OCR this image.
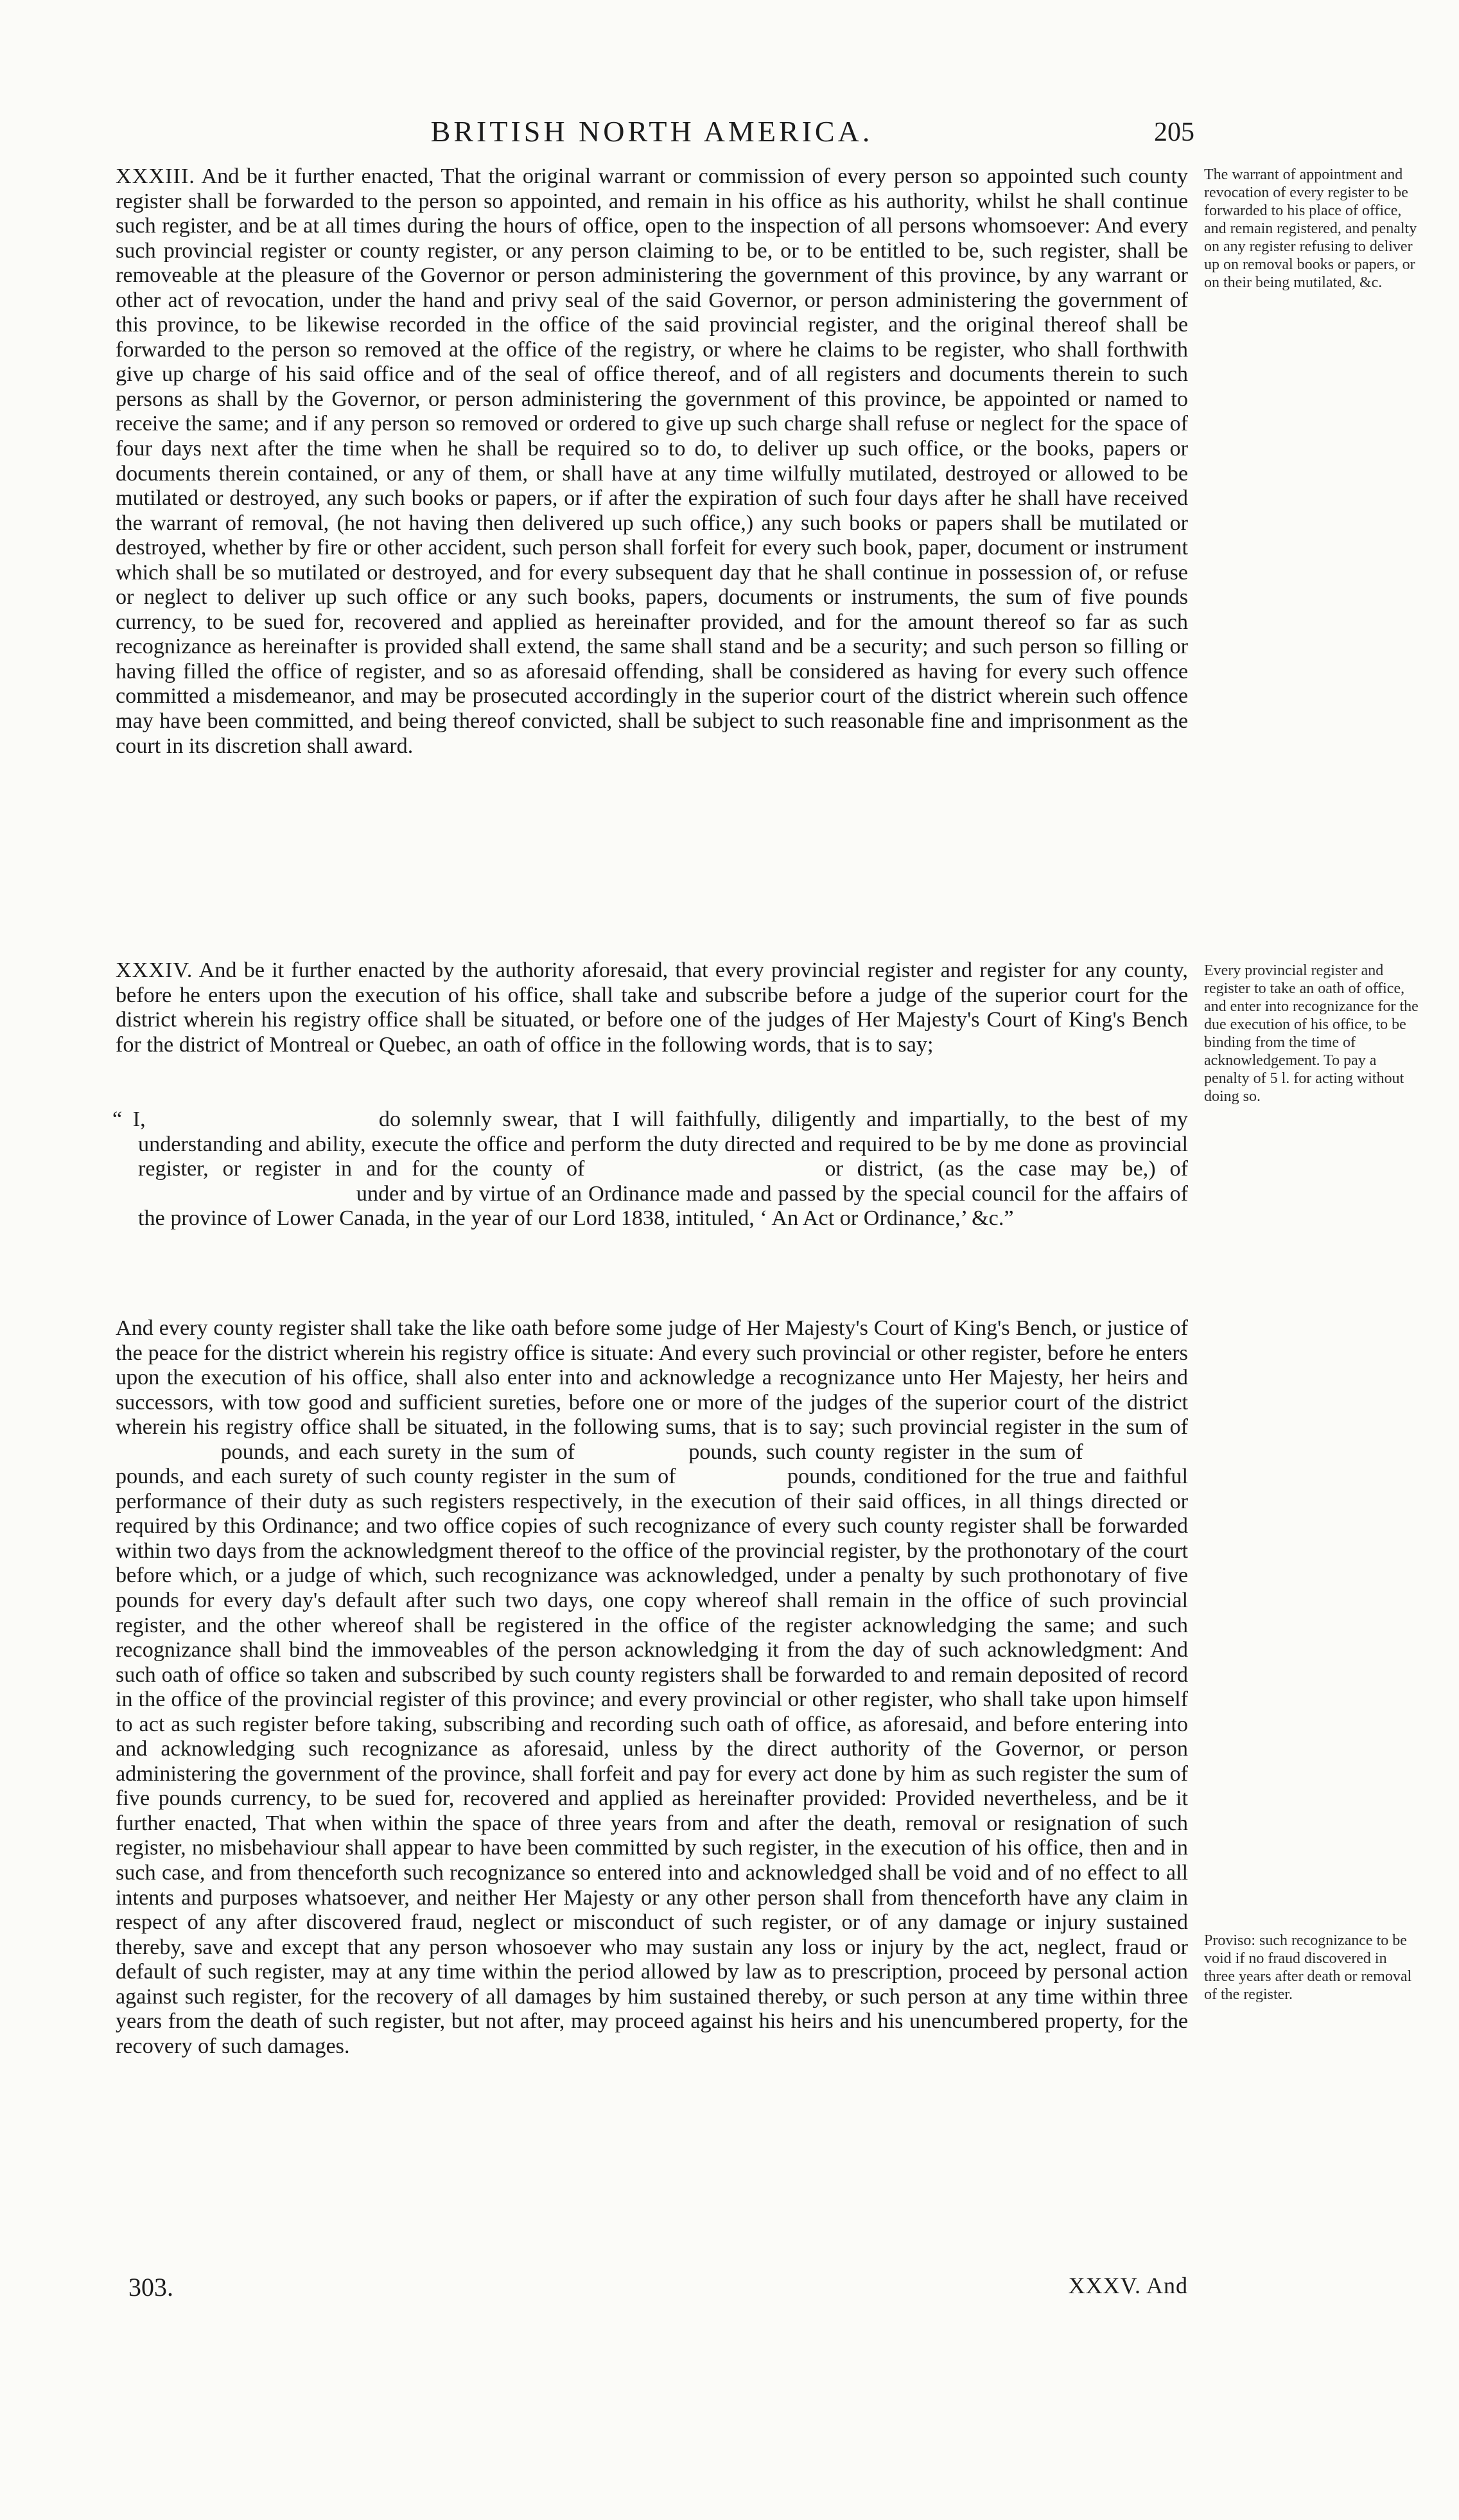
BRITISH NORTH AMERICA.	205

XXXIII. And be it further enacted, That the original warrant or commission of every person so appointed such county register shall be forwarded to the person so appointed, and remain in his office as his authority, whilst he shall continue such register, and be at all times during the hours of office, open to the inspection of all persons whomsoever: And every such provincial register or county register, or any person claiming to be, or to be entitled to be, such register, shall be removeable at the pleasure of the Governor or person administering the government of this province, by any warrant or other act of revocation, under the hand and privy seal of the said Governor, or person administering the government of this province, to be likewise recorded in the office of the said provincial register, and the original thereof shall be forwarded to the person so removed at the office of the registry, or where he claims to be register, who shall forthwith give up charge of his said office and of the seal of office thereof, and of all registers and documents therein to such persons as shall by the Governor, or person administering the government of this province, be appointed or named to receive the same; and if any person so removed or ordered to give up such charge shall refuse or neglect for the space of four days next after the time when he shall be required so to do, to deliver up such office, or the books, papers or documents therein contained, or any of them, or shall have at any time wilfully mutilated, destroyed or allowed to be mutilated or destroyed, any such books or papers, or if after the expiration of such four days after he shall have received the warrant of removal, (he not having then delivered up such office,) any such books or papers shall be mutilated or destroyed, whether by fire or other accident, such person shall forfeit for every such book, paper, document or instrument which shall be so mutilated or destroyed, and for every subsequent day that he shall continue in possession of, or refuse or neglect to deliver up such office or any such books, papers, documents or instruments, the sum of five pounds currency, to be sued for, recovered and applied as hereinafter provided, and for the amount thereof so far as such recognizance as hereinafter is provided shall extend, the same shall stand and be a security; and such person so filling or having filled the office of register, and so as aforesaid offending, shall be considered as having for every such offence committed a misdemeanor, and may be prosecuted accordingly in the superior court of the district wherein such offence may have been committed, and being thereof convicted, shall be subject to such reasonable fine and imprisonment as the court in its discretion shall award.

The warrant of appointment and revocation of every register to be forwarded to his place of office, and remain registered, and penalty on any register refusing to deliver up on removal books or papers, or on their being mutilated, &c.

XXXIV. And be it further enacted by the authority aforesaid, that every provincial register and register for any county, before he enters upon the execution of his office, shall take and subscribe before a judge of the superior court for the district wherein his registry office shall be situated, or before one of the judges of Her Majesty's Court of King's Bench for the district of Montreal or Quebec, an oath of office in the following words, that is to say;

Every provincial register and register to take an oath of office, and enter into recognizance for the due execution of his office, to be binding from the time of acknowledgement. To pay a penalty of 5 l. for acting without doing so.

“ I,	do solemnly swear, that I will faithfully, diligently and impartially, to the best of my understanding and ability, execute the office and perform the duty directed and required to be by me done as provincial register, or register in and for the county of	or district, (as the case may be,) of  under and by virtue of an Ordinance made and passed by the special council for the affairs of the province of Lower Canada, in the year of our Lord 1838, intituled, ‘ An Act or Ordinance,’ &c.”

And every county register shall take the like oath before some judge of Her Majesty's Court of King's Bench, or justice of the peace for the district wherein his registry office is situate: And every such provincial or other register, before he enters upon the execution of his office, shall also enter into and acknowledge a recognizance unto Her Majesty, her heirs and successors, with tow good and sufficient sureties, before one or more of the judges of the superior court of the district wherein his registry office shall be situated, in the following sums, that is to say; such provincial register in the sum of  pounds, and each surety in the sum of	pounds, such county register in the sum of  pounds, and each surety of such county register in the sum of	pounds, conditioned for the true and faithful performance of their duty as such registers respectively, in the execution of their said offices, in all things directed or required by this Ordinance; and two office copies of such recognizance of every such county register shall be forwarded within two days from the acknowledgment thereof to the office of the provincial register, by the prothonotary of the court before which, or a judge of which, such recognizance was acknowledged, under a penalty by such prothonotary of five pounds for every day's default after such two days, one copy whereof shall remain in the office of such provincial register, and the other whereof shall be registered in the office of the register acknowledging the same; and such recognizance shall bind the immoveables of the person acknowledging it from the day of such acknowledgment: And such oath of office so taken and subscribed by such county registers shall be forwarded to and remain deposited of record in the office of the provincial register of this province; and every provincial or other register, who shall take upon himself to act as such register before taking, subscribing and recording such oath of office, as aforesaid, and before entering into and acknowledging such recognizance as aforesaid, unless by the direct authority of the Governor, or person administering the government of the province, shall forfeit and pay for every act done by him as such register the sum of five pounds currency, to be sued for, recovered and applied as hereinafter provided: Provided nevertheless, and be it further enacted, That when within the space of three years from and after the death, removal or resignation of such register, no misbehaviour shall appear to have been committed by such register, in the execution of his office, then and in such case, and from thenceforth such recognizance so entered into and acknowledged shall be void and of no effect to all intents and purposes whatsoever, and neither Her Majesty or any other person shall from thenceforth have any claim in respect of any after discovered fraud, neglect or misconduct of such register, or of any damage or injury sustained thereby, save and except that any person whosoever who may sustain any loss or injury by the act, neglect, fraud or default of such register, may at any time within the period allowed by law as to prescription, proceed by personal action against such register, for the recovery of all damages by him sustained thereby, or such person at any time within three years from the death of such register, but not after, may proceed against his heirs and his unencumbered property, for the recovery of such damages.

Proviso: such recognizance to be void if no fraud discovered in three years after death or removal of the register.
303.	XXXV. And
